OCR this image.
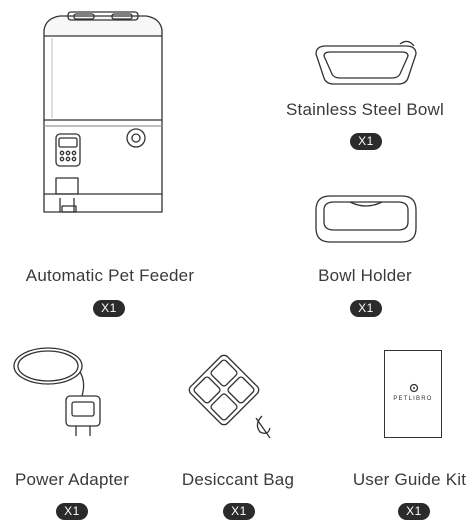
Automatic Pet Feeder
X1
Stainless Steel Bowl
X1
Bowl Holder
X1
Power Adapter
X1
Desiccant Bag
X1
PETLIBRO
User Guide Kit
X1
